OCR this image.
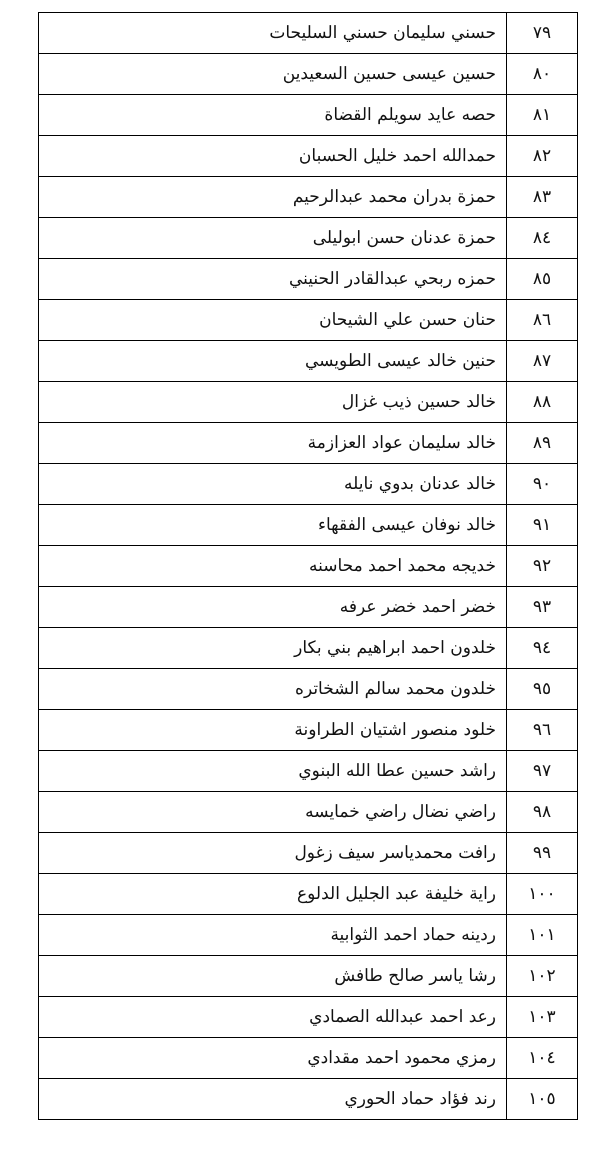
٧٩	حسني سليمان حسني السليحات
٨٠	حسين عيسى حسين السعيدين
٨١	حصه عايد سويلم القضاة
٨٢	حمدالله احمد خليل الحسبان
٨٣	حمزة بدران محمد عبدالرحيم
٨٤	حمزة عدنان حسن ابوليلى
٨٥	حمزه ربحي عبدالقادر الحنيني
٨٦	حنان حسن علي الشيحان
٨٧	حنين خالد عيسى الطويسي
٨٨	خالد حسين ذيب غزال
٨٩	خالد سليمان عواد العزازمة
٩٠	خالد عدنان بدوي نايله
٩١	خالد نوفان عيسى الفقهاء
٩٢	خديجه محمد احمد محاسنه
٩٣	خضر احمد خضر عرفه
٩٤	خلدون احمد ابراهيم بني بكار
٩٥	خلدون محمد سالم الشخاتره
٩٦	خلود منصور اشتيان الطراونة
٩٧	راشد حسين عطا الله البنوي
٩٨	راضي نضال راضي خمايسه
٩٩	رافت محمدياسر سيف زغول
١٠٠	راية خليفة عبد الجليل الدلوع
١٠١	ردينه حماد احمد الثوابية
١٠٢	رشا ياسر صالح طافش
١٠٣	رعد احمد عبدالله الصمادي
١٠٤	رمزي محمود احمد مقدادي
١٠٥	رند فؤاد حماد الحوري
